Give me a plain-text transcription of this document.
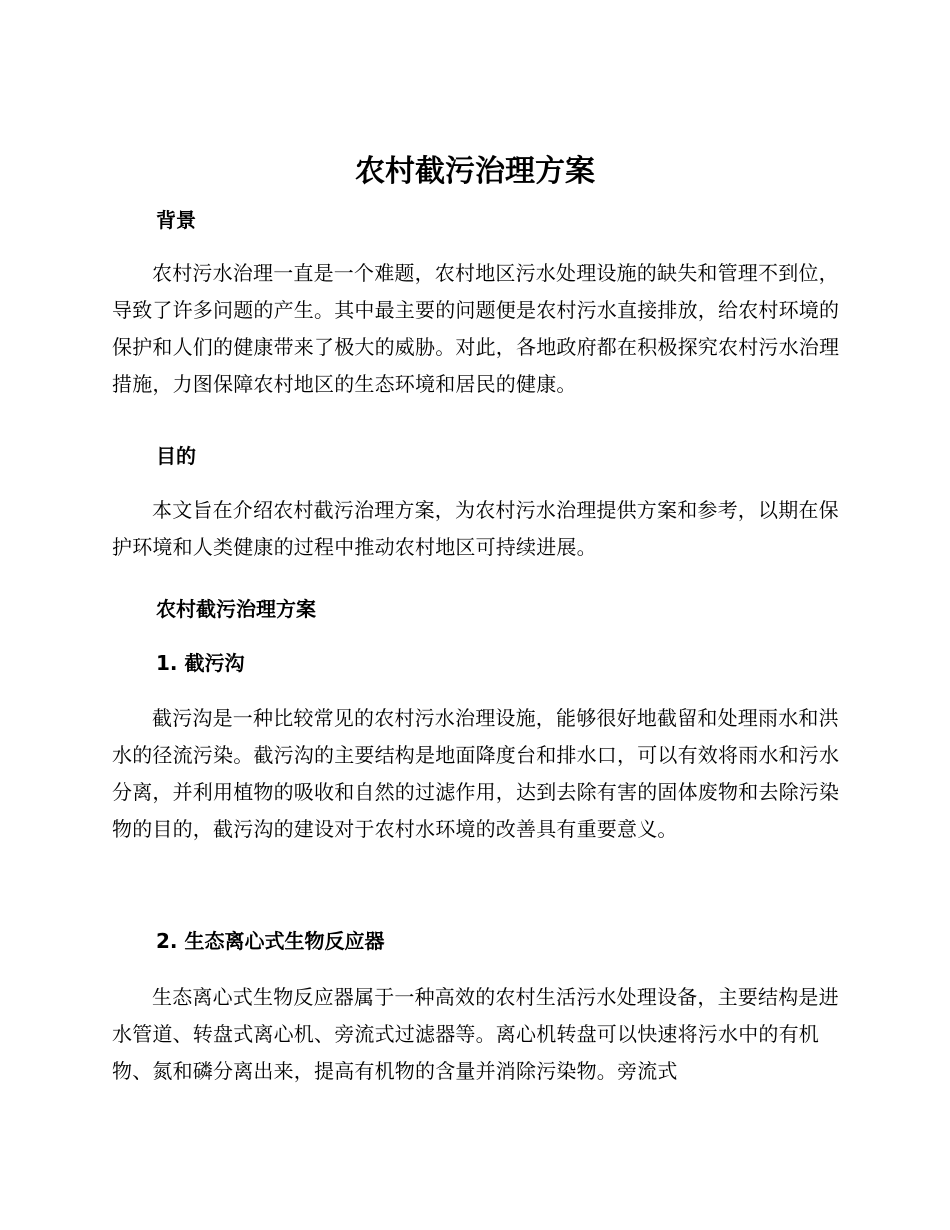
农村截污治理方案
背景

农村污水治理一直是一个难题，农村地区污水处理设施的缺失和管理不到位，导致了许多问题的产生。其中最主要的问题便是农村污水直接排放，给农村环境的保护和人们的健康带来了极大的威胁。对此，各地政府都在积极探究农村污水治理措施，力图保障农村地区的生态环境和居民的健康。

目的

本文旨在介绍农村截污治理方案，为农村污水治理提供方案和参考，以期在保护环境和人类健康的过程中推动农村地区可持续进展。

农村截污治理方案
1. 截污沟

截污沟是一种比较常见的农村污水治理设施，能够很好地截留和处理雨水和洪水的径流污染。截污沟的主要结构是地面降度台和排水口，可以有效将雨水和污水分离，并利用植物的吸收和自然的过滤作用，达到去除有害的固体废物和去除污染物的目的，截污沟的建设对于农村水环境的改善具有重要意义。

2. 生态离心式生物反应器

生态离心式生物反应器属于一种高效的农村生活污水处理设备，主要结构是进水管道、转盘式离心机、旁流式过滤器等。离心机转盘可以快速将污水中的有机物、氮和磷分离出来，提高有机物的含量并消除污染物。旁流式
